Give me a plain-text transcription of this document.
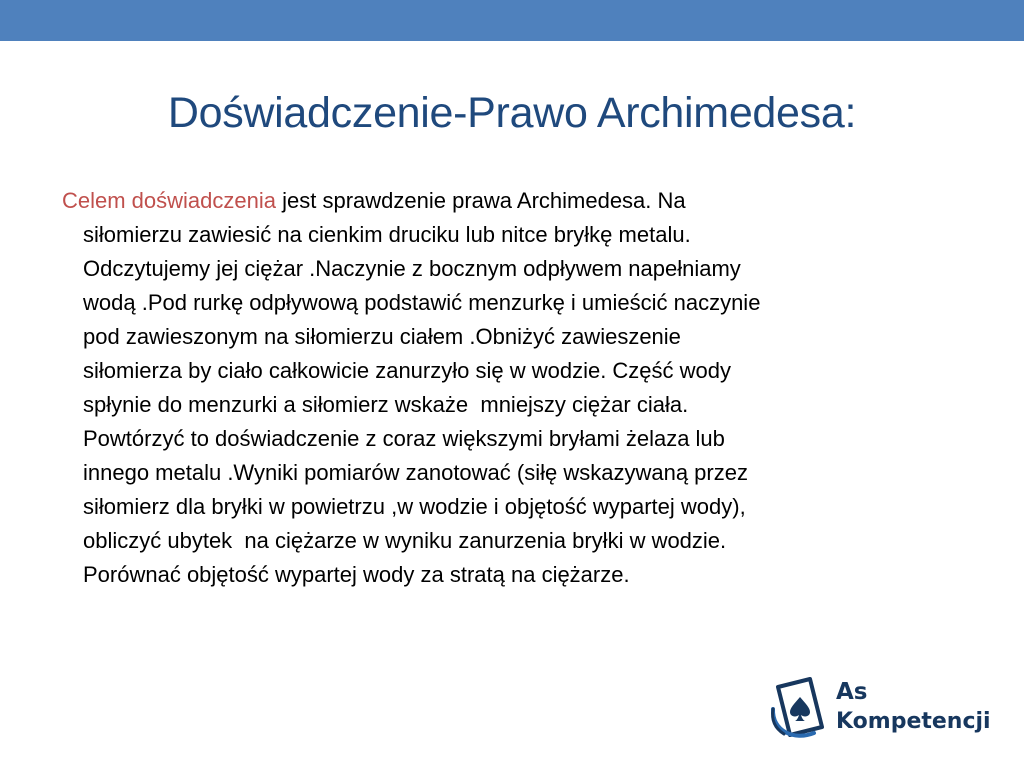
Doświadczenie-Prawo Archimedesa:

Celem doświadczenia jest sprawdzenie prawa Archimedesa. Na
siłomierzu zawiesić na cienkim druciku lub nitce bryłkę metalu.
Odczytujemy jej ciężar .Naczynie z bocznym odpływem napełniamy
wodą .Pod rurkę odpływową podstawić menzurkę i umieścić naczynie
pod zawieszonym na siłomierzu ciałem .Obniżyć zawieszenie
siłomierza by ciało całkowicie zanurzyło się w wodzie. Część wody
spłynie do menzurki a siłomierz wskaże  mniejszy ciężar ciała.
Powtórzyć to doświadczenie z coraz większymi bryłami żelaza lub
innego metalu .Wyniki pomiarów zanotować (siłę wskazywaną przez
siłomierz dla bryłki w powietrzu ,w wodzie i objętość wypartej wody),
obliczyć ubytek  na ciężarze w wyniku zanurzenia bryłki w wodzie.
Porównać objętość wypartej wody za stratą na ciężarze.

As
Kompetencji
